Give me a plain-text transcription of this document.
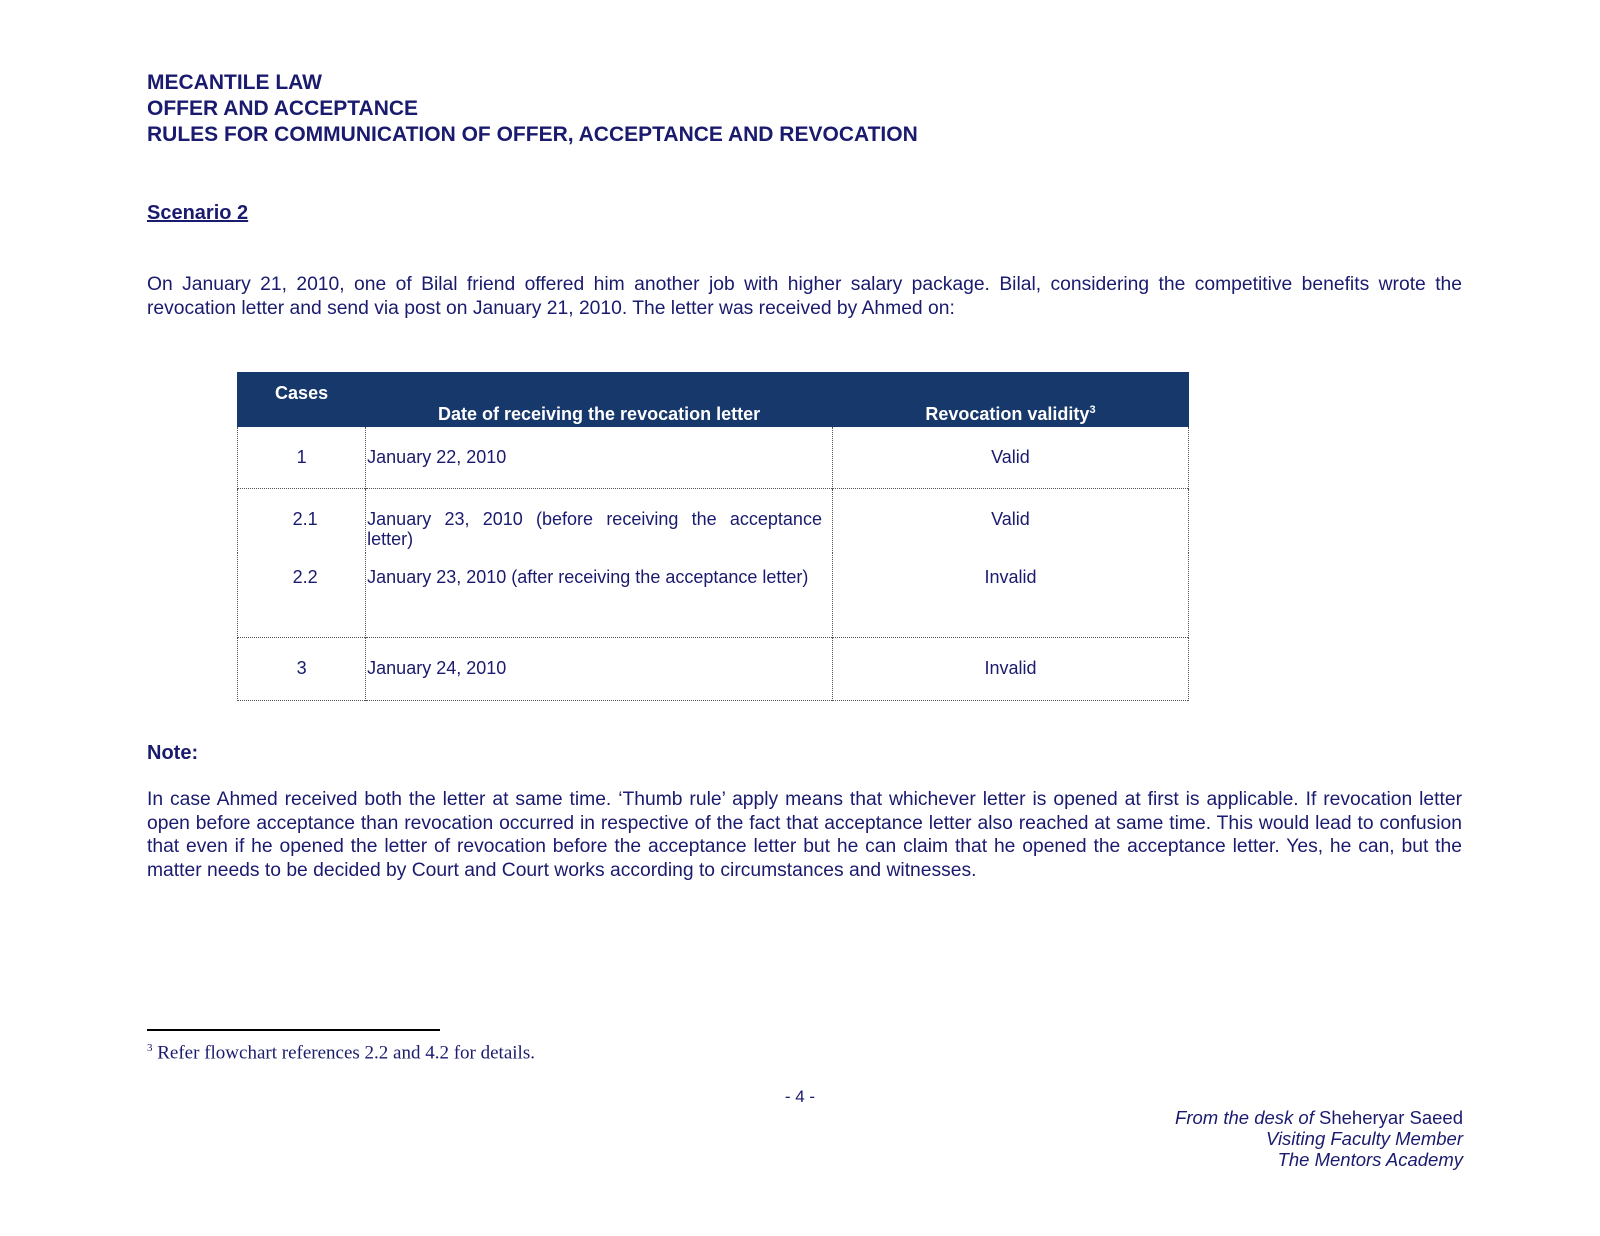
MECANTILE LAW
OFFER AND ACCEPTANCE
RULES FOR COMMUNICATION OF OFFER, ACCEPTANCE AND REVOCATION
Scenario 2
On January 21, 2010, one of Bilal friend offered him another job with higher salary package. Bilal, considering the competitive benefits wrote the revocation letter and send via post on January 21, 2010. The letter was received by Ahmed on:
Cases	Date of receiving the revocation letter	Revocation validity$^3$
1	January 22, 2010	Valid
2.1	January 23, 2010 (before receiving the acceptance letter)	Valid
2.2	January 23, 2010 (after receiving the acceptance letter)	Invalid
3	January 24, 2010	Invalid
Note:
In case Ahmed received both the letter at same time. ‘Thumb rule’ apply means that whichever letter is opened at first is applicable. If revocation letter open before acceptance than revocation occurred in respective of the fact that acceptance letter also reached at same time. This would lead to confusion that even if he opened the letter of revocation before the acceptance letter but he can claim that he opened the acceptance letter. Yes, he can, but the matter needs to be decided by Court and Court works according to circumstances and witnesses.
$^3$ Refer flowchart references 2.2 and 4.2 for details.
- 4 -
From the desk of Sheheryar Saeed
Visiting Faculty Member
The Mentors Academy
